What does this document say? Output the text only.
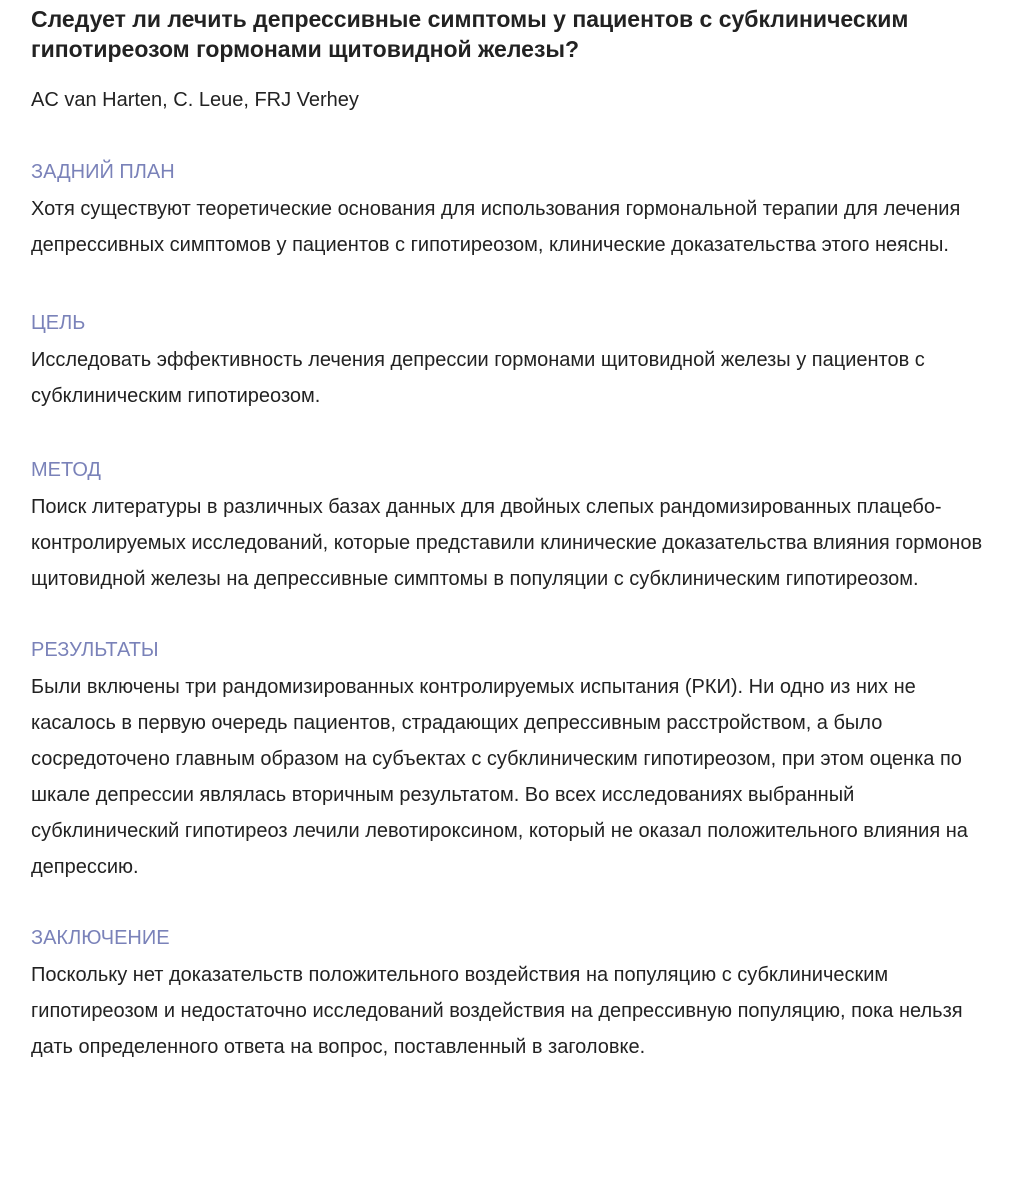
Следует ли лечить депрессивные симптомы у пациентов с субклиническим гипотиреозом гормонами щитовидной железы?

AC van Harten, C. Leue, FRJ Verhey

ЗАДНИЙ ПЛАН

Хотя существуют теоретические основания для использования гормональной терапии для лечения депрессивных симптомов у пациентов с гипотиреозом, клинические доказательства этого неясны.

ЦЕЛЬ

Исследовать эффективность лечения депрессии гормонами щитовидной железы у пациентов с субклиническим гипотиреозом.

МЕТОД

Поиск литературы в различных базах данных для двойных слепых рандомизированных плацебо-контролируемых исследований, которые представили клинические доказательства влияния гормонов щитовидной железы на депрессивные симптомы в популяции с субклиническим гипотиреозом.

РЕЗУЛЬТАТЫ

Были включены три рандомизированных контролируемых испытания (РКИ). Ни одно из них не касалось в первую очередь пациентов, страдающих депрессивным расстройством, а было сосредоточено главным образом на субъектах с субклиническим гипотиреозом, при этом оценка по шкале депрессии являлась вторичным результатом. Во всех исследованиях выбранный субклинический гипотиреоз лечили левотироксином, который не оказал положительного влияния на депрессию.

ЗАКЛЮЧЕНИЕ

Поскольку нет доказательств положительного воздействия на популяцию с субклиническим гипотиреозом и недостаточно исследований воздействия на депрессивную популяцию, пока нельзя дать определенного ответа на вопрос, поставленный в заголовке.
